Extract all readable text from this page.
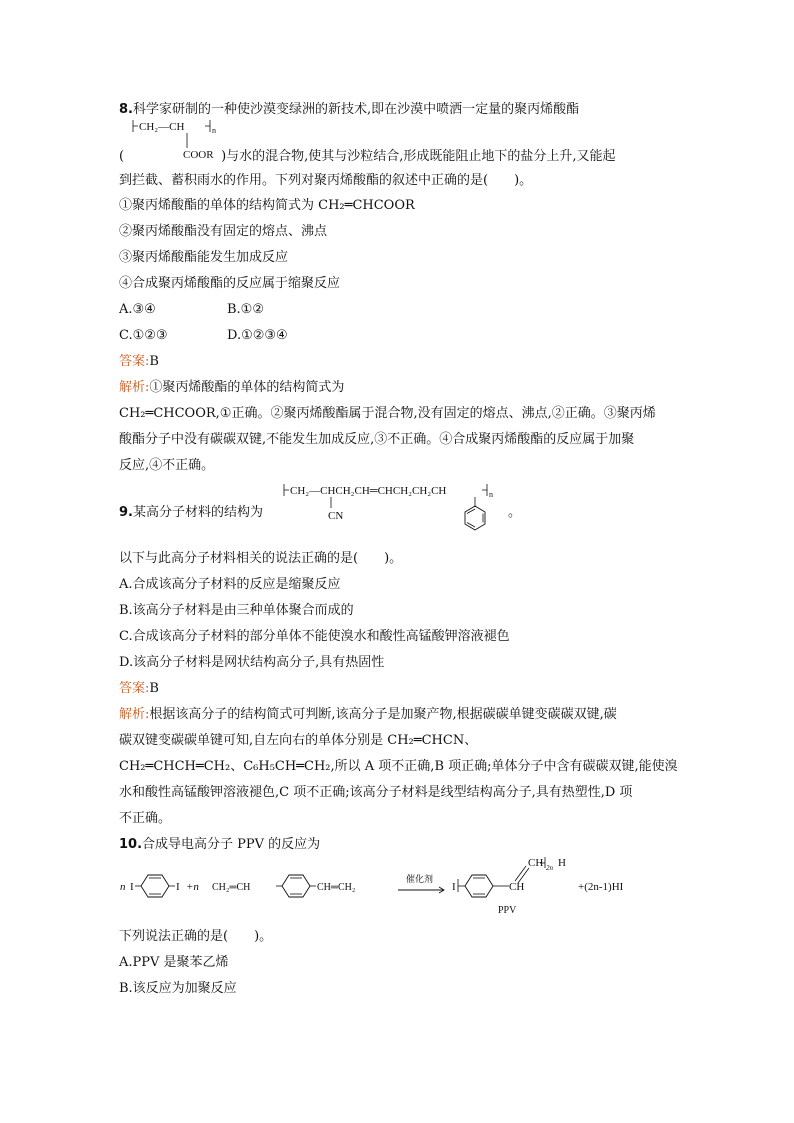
8.科学家研制的一种使沙漠变绿洲的新技术,即在沙漠中喷洒一定量的聚丙烯酸酯
CH₂—CH	n
COOR
(	)与水的混合物,使其与沙粒结合,形成既能阻止地下的盐分上升,又能起
到拦截、蓄积雨水的作用。下列对聚丙烯酸酯的叙述中正确的是(　　)。
①聚丙烯酸酯的单体的结构简式为 CH₂═CHCOOR
②聚丙烯酸酯没有固定的熔点、沸点
③聚丙烯酸酯能发生加成反应
④合成聚丙烯酸酯的反应属于缩聚反应
A.③④	B.①②
C.①②③	D.①②③④
答案:B
解析:①聚丙烯酸酯的单体的结构简式为
CH₂═CHCOOR,①正确。②聚丙烯酸酯属于混合物,没有固定的熔点、沸点,②正确。③聚丙烯
酸酯分子中没有碳碳双键,不能发生加成反应,③不正确。④合成聚丙烯酸酯的反应属于加聚
反应,④不正确。
CH₂—CHCH₂CH═CHCH₂CH₂CH	n
CN
9.某高分子材料的结构为	。
以下与此高分子材料相关的说法正确的是(　　)。
A.合成该高分子材料的反应是缩聚反应
B.该高分子材料是由三种单体聚合而成的
C.合成该高分子材料的部分单体不能使溴水和酸性高锰酸钾溶液褪色
D.该高分子材料是网状结构高分子,具有热固性
答案:B
解析:根据该高分子的结构简式可判断,该高分子是加聚产物,根据碳碳单键变碳碳双键,碳
碳双键变碳碳单键可知,自左向右的单体分别是 CH₂═CHCN、
CH₂═CHCH═CH₂、C₆H₅CH═CH₂,所以 A 项不正确,B 项正确;单体分子中含有碳碳双键,能使溴
水和酸性高锰酸钾溶液褪色,C 项不正确;该高分子材料是线型结构高分子,具有热塑性,D 项
不正确。
10.合成导电高分子 PPV 的反应为
n I	I +n CH₂═CH	CH═CH₂
催化剂
I	CH
CH 2n H
PPV
+(2n-1)HI
下列说法正确的是(　　)。
A.PPV 是聚苯乙烯
B.该反应为加聚反应
